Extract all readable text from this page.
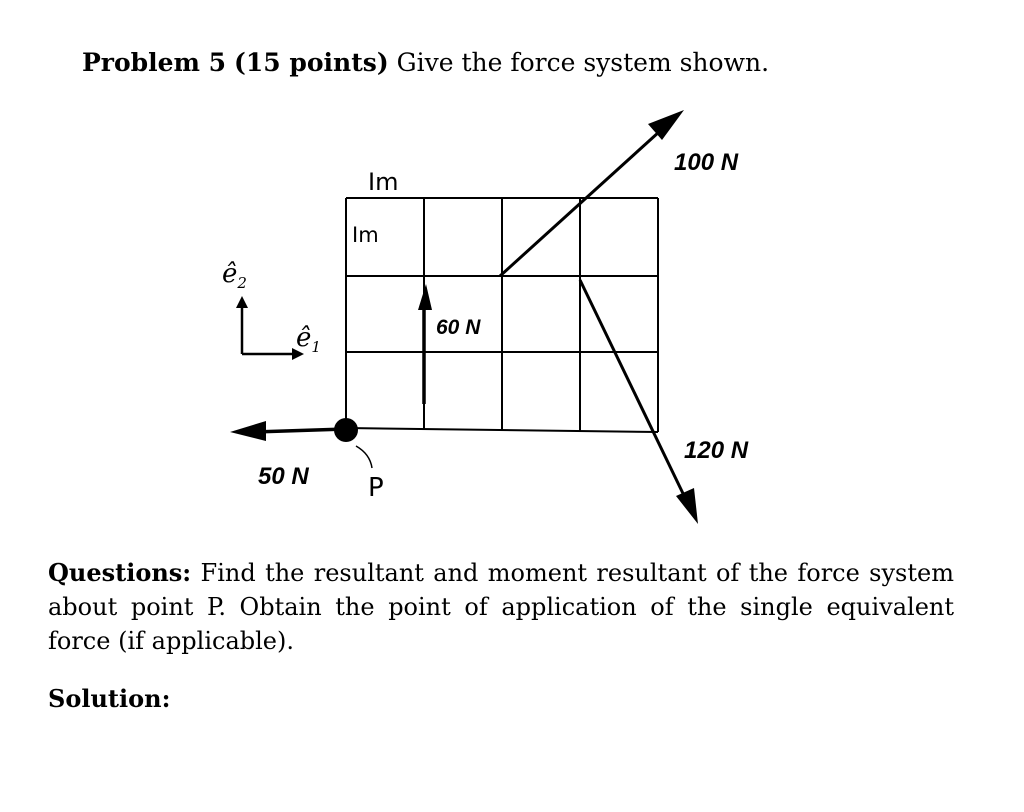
Problem 5 (15 points) Give the force system shown.
Im
Im
$ê_2$
$ê_1$
100 N
60 N
120 N
50 N P
Questions: Find the resultant and moment resultant of the force system about point P. Obtain the point of application of the single equivalent force (if applicable).
Solution:
